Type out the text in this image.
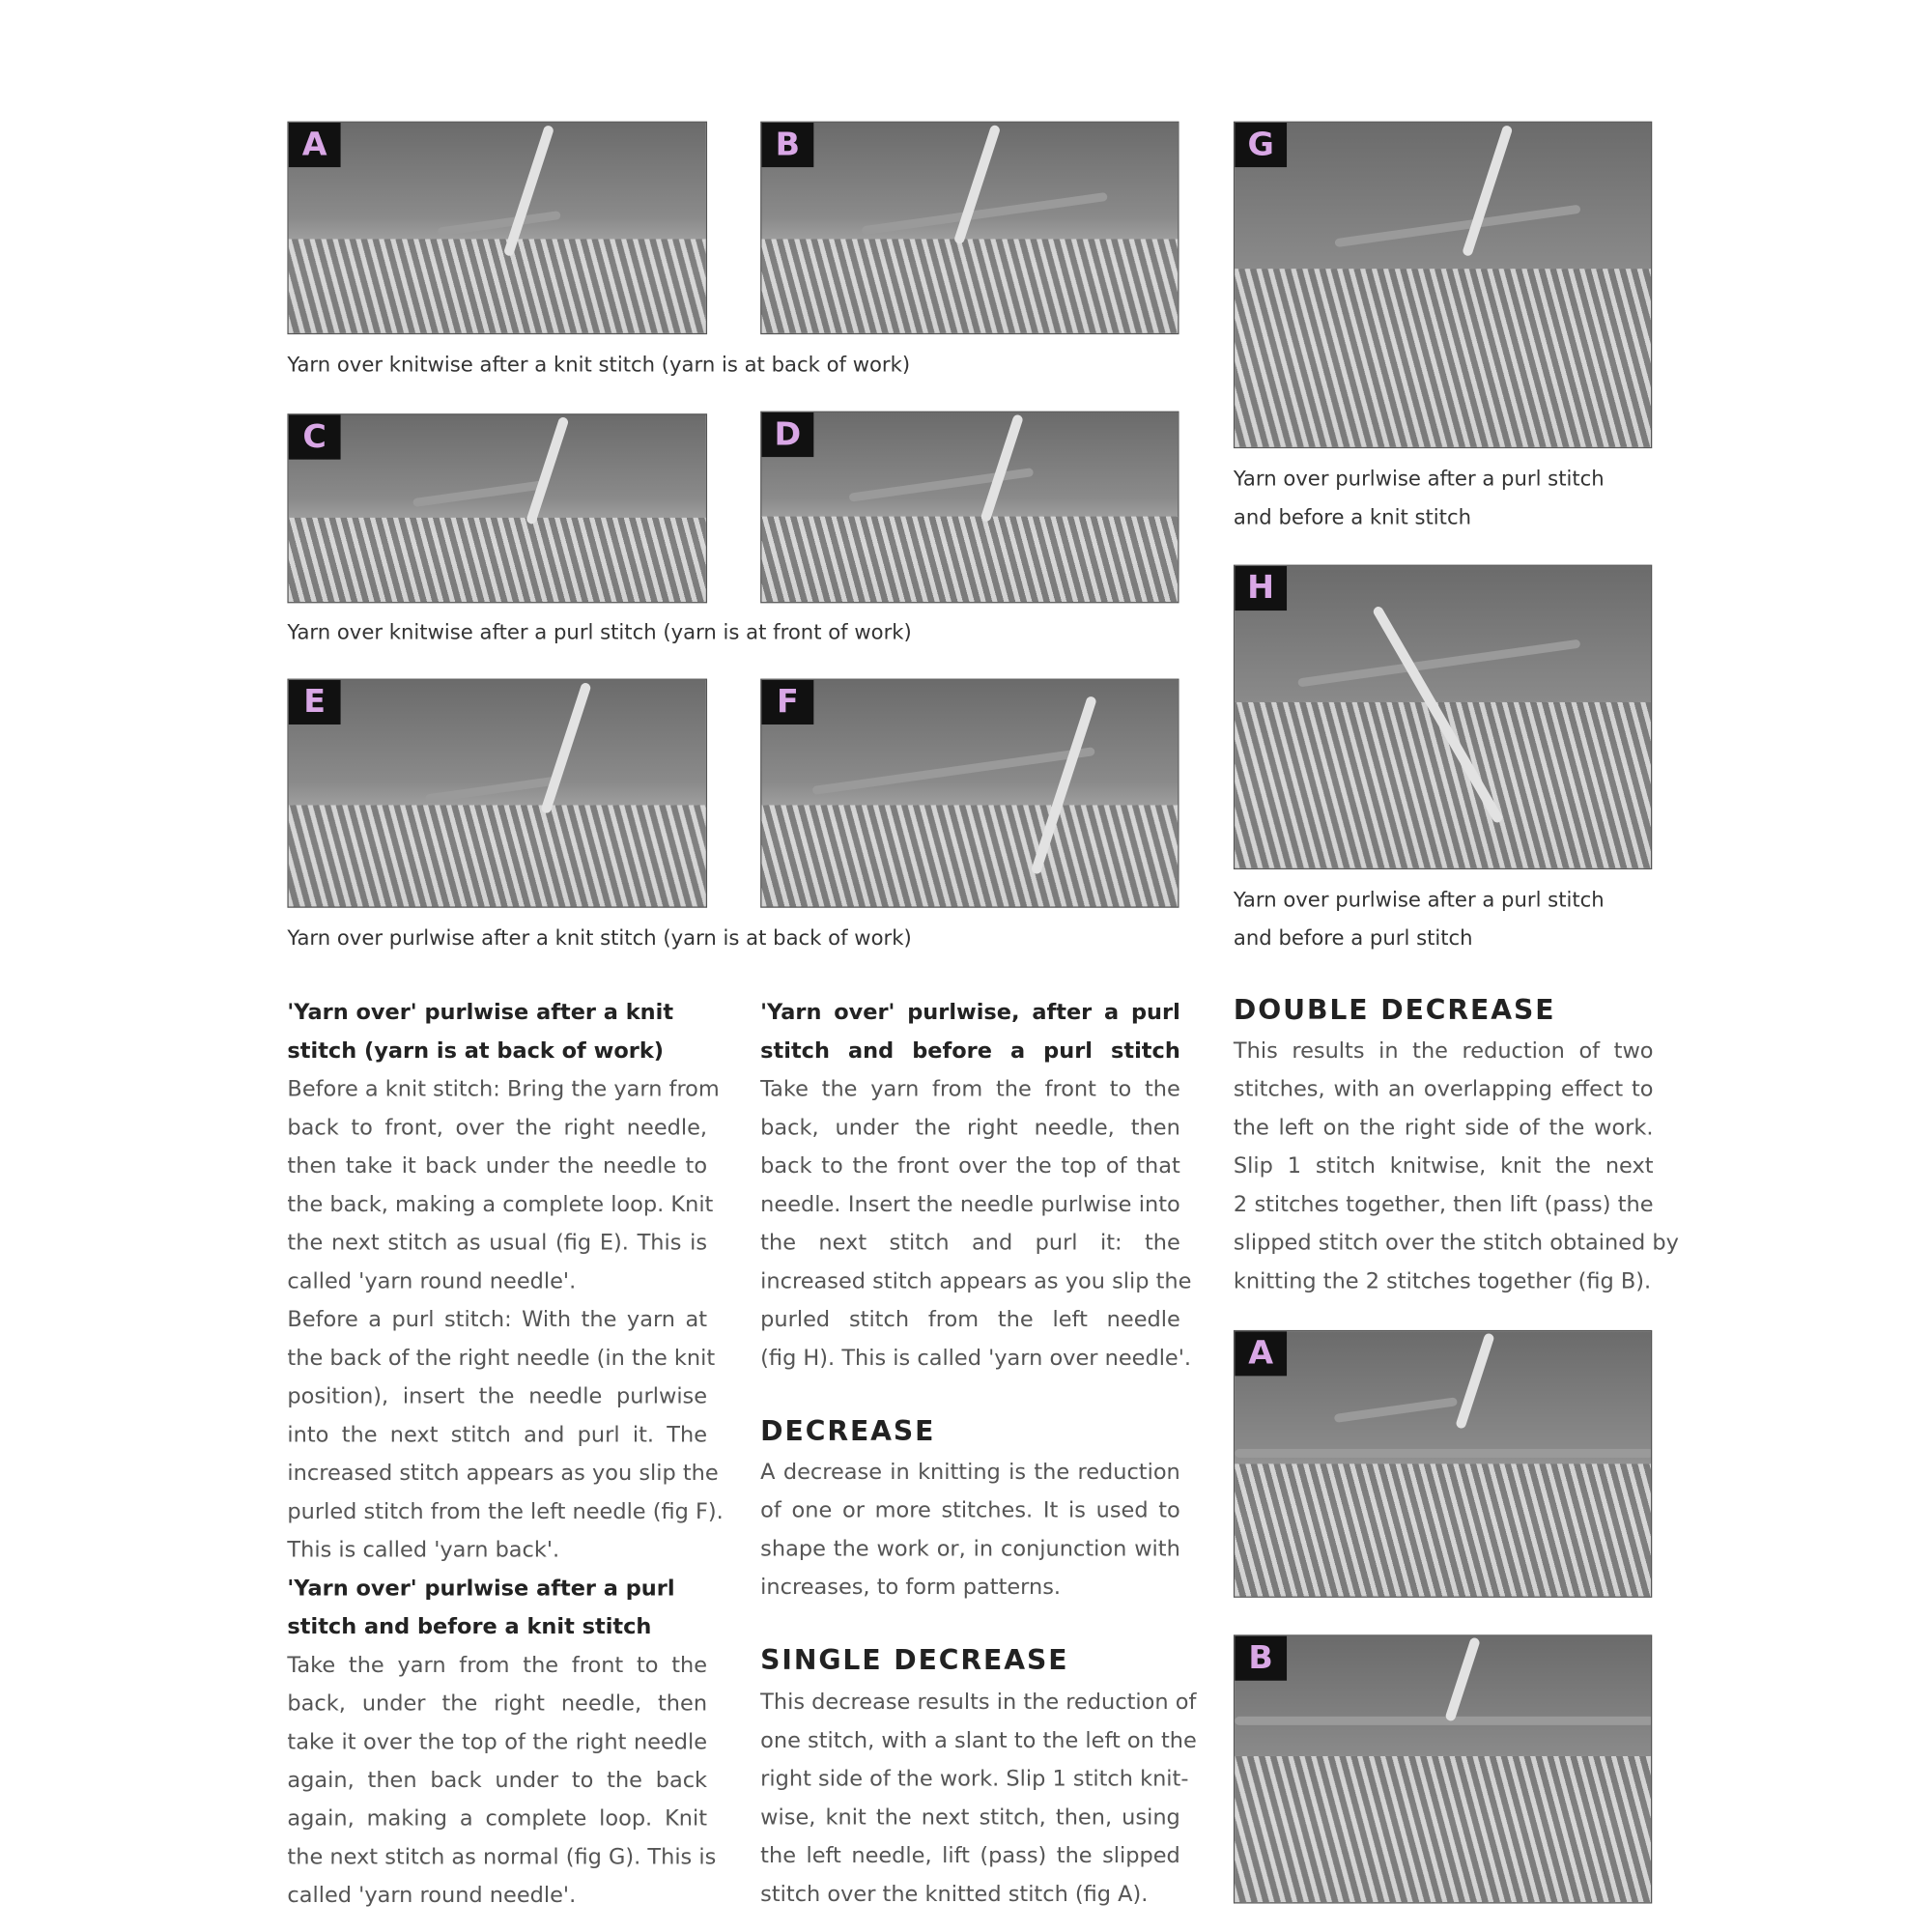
A	B
Yarn over knitwise after a knit stitch (yarn is at back of work)
C	D
Yarn over knitwise after a purl stitch (yarn is at front of work)
E	F
Yarn over purlwise after a knit stitch (yarn is at back of work)
G
Yarn over purlwise after a purl stitch
and before a knit stitch
H
Yarn over purlwise after a purl stitch
and before a purl stitch
'Yarn over' purlwise after a knit
stitch (yarn is at back of work)
Before a knit stitch: Bring the yarn from
back to front, over the right needle,
then take it back under the needle to
the back, making a complete loop. Knit
the next stitch as usual (fig E). This is
called 'yarn round needle'.
Before a purl stitch: With the yarn at
the back of the right needle (in the knit
position), insert the needle purlwise
into the next stitch and purl it. The
increased stitch appears as you slip the
purled stitch from the left needle (fig F).
This is called 'yarn back'.
'Yarn over' purlwise after a purl
stitch and before a knit stitch
Take the yarn from the front to the
back, under the right needle, then
take it over the top of the right needle
again, then back under to the back
again, making a complete loop. Knit
the next stitch as normal (fig G). This is
called 'yarn round needle'.
'Yarn over' purlwise, after a purl
stitch and before a purl stitch
Take the yarn from the front to the
back, under the right needle, then
back to the front over the top of that
needle. Insert the needle purlwise into
the next stitch and purl it: the
increased stitch appears as you slip the
purled stitch from the left needle
(fig H). This is called 'yarn over needle'.
DECREASE
A decrease in knitting is the reduction
of one or more stitches. It is used to
shape the work or, in conjunction with
increases, to form patterns.
SINGLE DECREASE
This decrease results in the reduction of
one stitch, with a slant to the left on the
right side of the work. Slip 1 stitch knit-
wise, knit the next stitch, then, using
the left needle, lift (pass) the slipped
stitch over the knitted stitch (fig A).
DOUBLE DECREASE
This results in the reduction of two
stitches, with an overlapping effect to
the left on the right side of the work.
Slip 1 stitch knitwise, knit the next
2 stitches together, then lift (pass) the
slipped stitch over the stitch obtained by
knitting the 2 stitches together (fig B).
A
B
